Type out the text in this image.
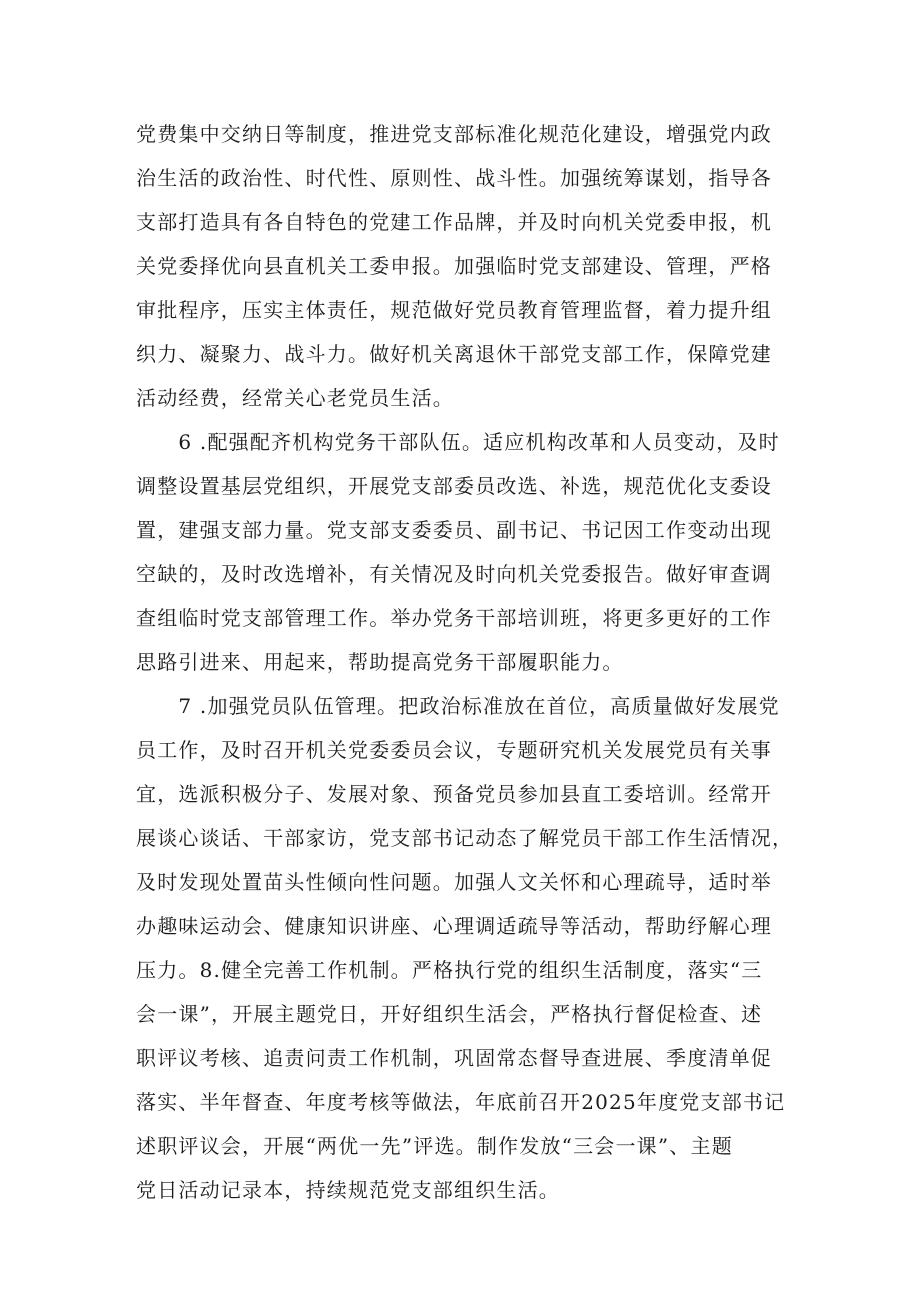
党费集中交纳日等制度，推进党支部标准化规范化建设，增强党内政
治生活的政治性、时代性、原则性、战斗性。加强统筹谋划，指导各
支部打造具有各自特色的党建工作品牌，并及时向机关党委申报，机
关党委择优向县直机关工委申报。加强临时党支部建设、管理，严格
审批程序，压实主体责任，规范做好党员教育管理监督，着力提升组
织力、凝聚力、战斗力。做好机关离退休干部党支部工作，保障党建
活动经费，经常关心老党员生活。
　　6 .配强配齐机构党务干部队伍。适应机构改革和人员变动，及时
调整设置基层党组织，开展党支部委员改选、补选，规范优化支委设
置，建强支部力量。党支部支委委员、副书记、书记因工作变动出现
空缺的，及时改选增补，有关情况及时向机关党委报告。做好审查调
查组临时党支部管理工作。举办党务干部培训班，将更多更好的工作
思路引进来、用起来，帮助提高党务干部履职能力。
　　7 .加强党员队伍管理。把政治标准放在首位，高质量做好发展党
员工作，及时召开机关党委委员会议，专题研究机关发展党员有关事
宜，选派积极分子、发展对象、预备党员参加县直工委培训。经常开
展谈心谈话、干部家访，党支部书记动态了解党员干部工作生活情况，
及时发现处置苗头性倾向性问题。加强人文关怀和心理疏导，适时举
办趣味运动会、健康知识讲座、心理调适疏导等活动，帮助纾解心理
压力。8.健全完善工作机制。严格执行党的组织生活制度，落实“三
会一课”，开展主题党日，开好组织生活会，严格执行督促检查、述
职评议考核、追责问责工作机制，巩固常态督导查进展、季度清单促
落实、半年督查、年度考核等做法，年底前召开2025年度党支部书记
述职评议会，开展“两优一先”评选。制作发放“三会一课”、主题
党日活动记录本，持续规范党支部组织生活。
